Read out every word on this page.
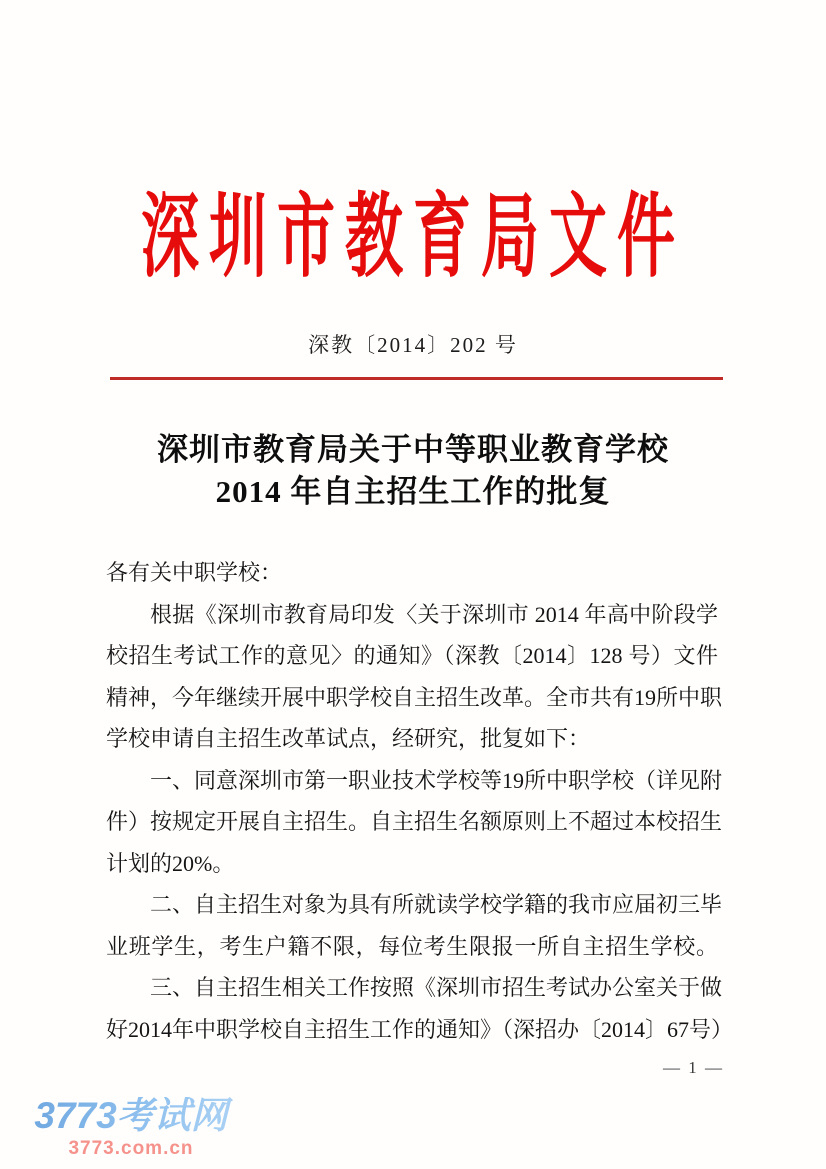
深圳市教育局文件
深教〔2014〕202 号
深圳市教育局关于中等职业教育学校
2014 年自主招生工作的批复
各有关中职学校：
根据《深圳市教育局印发〈关于深圳市 2014 年高中阶段学
校招生考试工作的意见〉的通知》（深教〔2014〕128 号）文件
精神，今年继续开展中职学校自主招生改革。全市共有19所中职
学校申请自主招生改革试点，经研究，批复如下：
一、同意深圳市第一职业技术学校等19所中职学校（详见附
件）按规定开展自主招生。自主招生名额原则上不超过本校招生
计划的20%。
二、自主招生对象为具有所就读学校学籍的我市应届初三毕
业班学生，考生户籍不限，每位考生限报一所自主招生学校。
三、自主招生相关工作按照《深圳市招生考试办公室关于做
好2014年中职学校自主招生工作的通知》（深招办〔2014〕67号）
— 1 —
3773考试网
3773.com.cn
